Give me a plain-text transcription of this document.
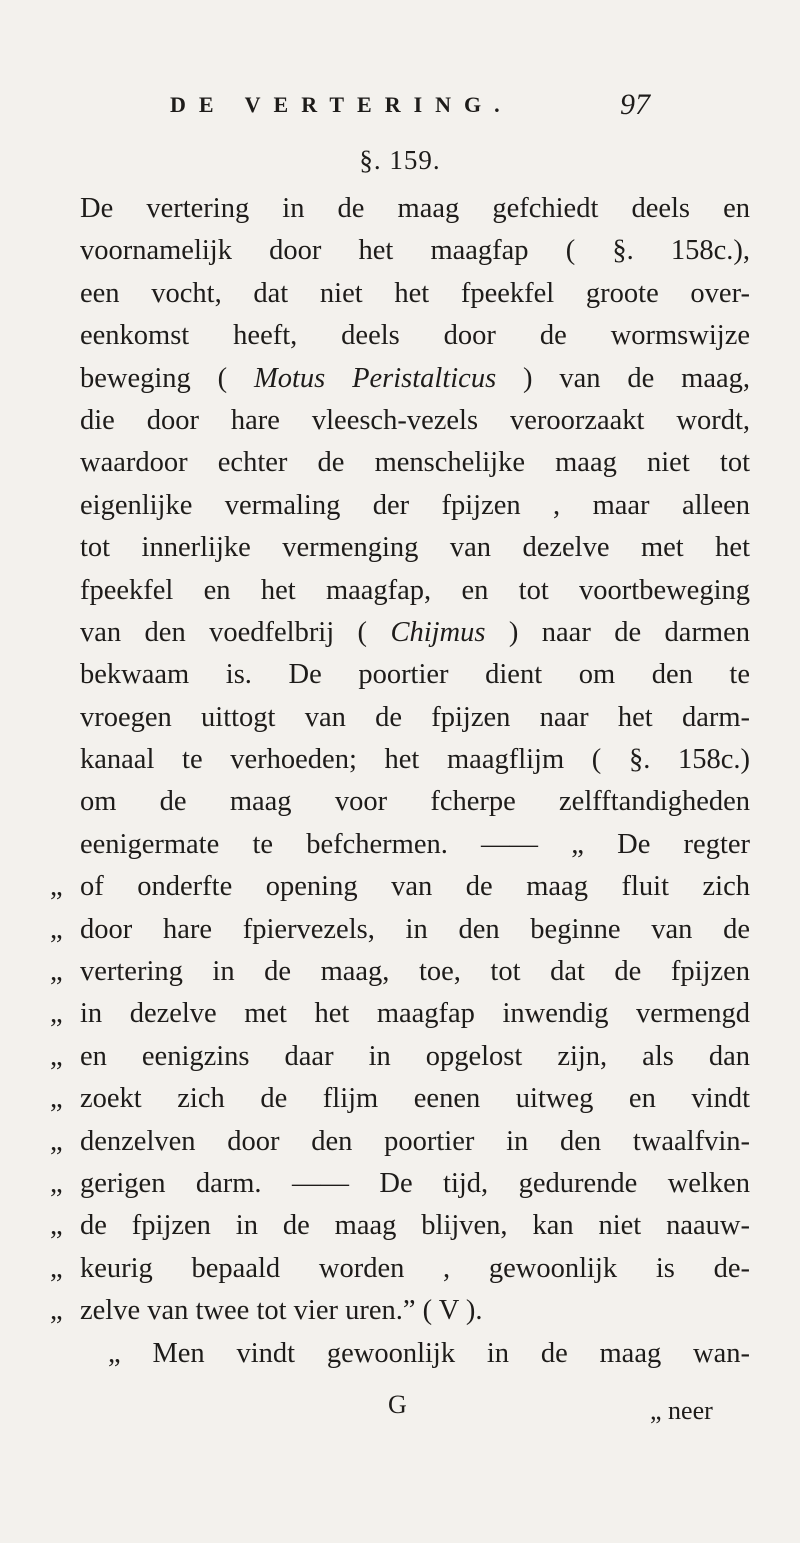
DE VERTERING.	97
§. 159.
De vertering in de maag gefchiedt deels en
voornamelijk door het maagfap ( §. 158c.),
een vocht, dat niet het fpeekfel groote over-
eenkomst heeft, deels door de wormswijze
beweging ( Motus Peristalticus ) van de maag,
die door hare vleesch-vezels veroorzaakt wordt,
waardoor echter de menschelijke maag niet tot
eigenlijke vermaling der fpijzen , maar alleen
tot innerlijke vermenging van dezelve met het
fpeekfel en het maagfap, en tot voortbeweging
van den voedfelbrij ( Chijmus ) naar de darmen
bekwaam is. De poortier dient om den te
vroegen uittogt van de fpijzen naar het darm-
kanaal te verhoeden; het maagflijm ( §. 158c.)
om de maag voor fcherpe zelfftandigheden
eenigermate te befchermen. —— „ De regter
„ of onderfte opening van de maag fluit zich
„ door hare fpiervezels, in den beginne van de
„ vertering in de maag, toe, tot dat de fpijzen
„ in dezelve met het maagfap inwendig vermengd
„ en eenigzins daar in opgelost zijn, als dan
„ zoekt zich de flijm eenen uitweg en vindt
„ denzelven door den poortier in den twaalfvin-
„ gerigen darm. —— De tijd, gedurende welken
„ de fpijzen in de maag blijven, kan niet naauw-
„ keurig bepaald worden , gewoonlijk is de-
„ zelve van twee tot vier uren.” ( V ).
„ Men vindt gewoonlijk in de maag wan-
G	„ neer
